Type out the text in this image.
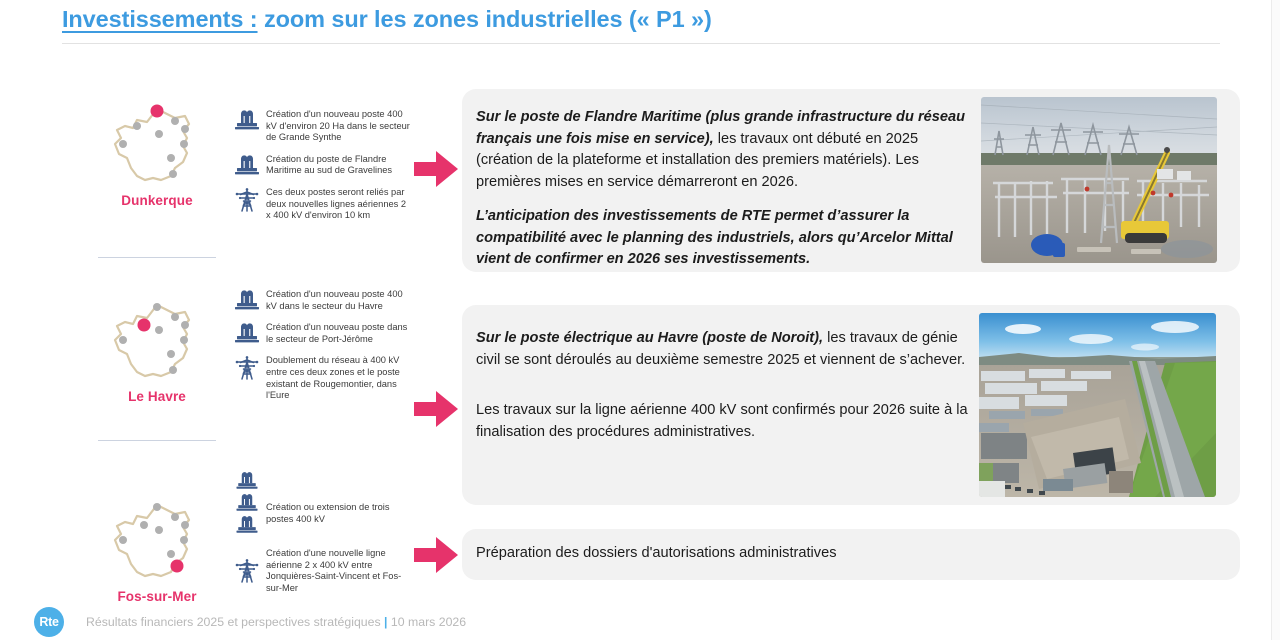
Investissements : zoom sur les zones industrielles (« P1 »)
Dunkerque
Le Havre
Fos-sur-Mer
Création d'un nouveau poste 400 kV d'environ 20 Ha dans le secteur de Grande Synthe
Création du poste de Flandre Maritime au sud de Gravelines
Ces deux postes seront reliés par deux nouvelles lignes aériennes 2 x 400 kV d'environ 10 km
Création d'un nouveau poste 400 kV dans le secteur du Havre
Création d'un nouveau poste dans le secteur de Port-Jérôme
Doublement du réseau à 400 kV entre ces deux zones et le poste existant de Rougemontier, dans l'Eure
Création ou extension de trois postes 400 kV
Création d'une nouvelle ligne aérienne 2 x 400 kV entre Jonquières-Saint-Vincent et Fos-sur-Mer

Sur le poste de Flandre Maritime (plus grande infrastructure du réseau français une fois mise en service), les travaux ont débuté en 2025 (création de la plateforme et installation des premiers matériels). Les premières mises en service démarreront en 2026.

L’anticipation des investissements de RTE permet d’assurer la compatibilité avec le planning des industriels, alors qu’Arcelor Mittal vient de confirmer en 2026 ses investissements.

Sur le poste électrique au Havre (poste de Noroit), les travaux de génie civil se sont déroulés au deuxième semestre 2025 et viennent de s’achever.

Les travaux sur la ligne aérienne 400 kV sont confirmés pour 2026 suite à la finalisation des procédures administratives.

Préparation des dossiers d'autorisations administratives

Rte	Résultats financiers 2025 et perspectives stratégiques | 10 mars 2026
